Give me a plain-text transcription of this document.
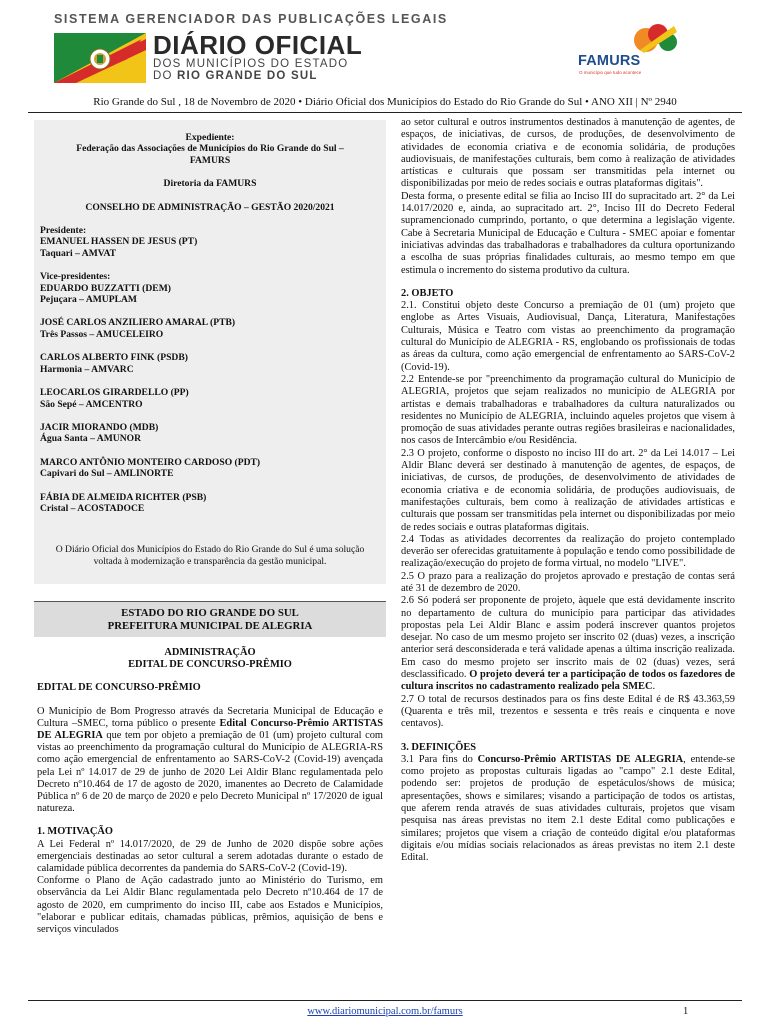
SISTEMA GERENCIADOR DAS PUBLICAÇÕES LEGAIS
DIÁRIO OFICIAL
DOS MUNICÍPIOS DO ESTADO
DO RIO GRANDE DO SUL
FAMURS
O município que tudo acontece
Rio Grande do Sul , 18 de Novembro de 2020 • Diário Oficial dos Municípios do Estado do Rio Grande do Sul • ANO XII | Nº 2940

Expediente:

Federação das Associações de Municípios do Rio Grande do Sul –

FAMURS

Diretoria da FAMURS

CONSELHO DE ADMINISTRAÇÃO – GESTÃO 2020/2021

Presidente:

EMANUEL HASSEN DE JESUS (PT)

Taquari – AMVAT

Vice-presidentes:

EDUARDO BUZZATTI (DEM)

Pejuçara – AMUPLAM

JOSÉ CARLOS ANZILIERO AMARAL (PTB)

Três Passos – AMUCELEIRO

CARLOS ALBERTO FINK (PSDB)

Harmonia – AMVARC

LEOCARLOS GIRARDELLO (PP)

São Sepé – AMCENTRO

JACIR MIORANDO (MDB)

Água Santa – AMUNOR

MARCO ANTÔNIO MONTEIRO CARDOSO (PDT)

Capivari do Sul – AMLINORTE

FÁBIA DE ALMEIDA RICHTER (PSB)

Cristal – ACOSTADOCE

O Diário Oficial dos Municípios do Estado do Rio Grande do Sul é uma solução voltada à modernização e transparência da gestão municipal.

ESTADO DO RIO GRANDE DO SUL
PREFEITURA MUNICIPAL DE ALEGRIA

ADMINISTRAÇÃO

EDITAL DE CONCURSO-PRÊMIO

EDITAL DE CONCURSO-PRÊMIO

O Município de Bom Progresso através da Secretaria Municipal de Educação e Cultura –SMEC, torna público o presente Edital Concurso-Prêmio ARTISTAS DE ALEGRIA que tem por objeto a premiação de 01 (um) projeto cultural com vistas ao preenchimento da programação cultural do Município de ALEGRIA-RS como ação emergencial de enfrentamento ao SARS-CoV-2 (Covid-19) avençada pela Lei nº 14.017 de 29 de junho de 2020 Lei Aldir Blanc regulamentada pelo Decreto nº10.464 de 17 de agosto de 2020, imanentes ao Decreto de Calamidade Pública nº 6 de 20 de março de 2020 e pelo Decreto Municipal nº 17/2020 de igual natureza.

1. MOTIVAÇÃO

A Lei Federal nº 14.017/2020, de 29 de Junho de 2020 dispõe sobre ações emergenciais destinadas ao setor cultural a serem adotadas durante o estado de calamidade pública decorrentes da pandemia do SARS-CoV-2 (Covid-19).

Conforme o Plano de Ação cadastrado junto ao Ministério do Turismo, em observância da Lei Aldir Blanc regulamentada pelo Decreto nº10.464 de 17 de agosto de 2020, em cumprimento do inciso III, cabe aos Estados e Municípios, "elaborar e publicar editais, chamadas públicas, prêmios, aquisição de bens e serviços vinculados

ao setor cultural e outros instrumentos destinados à manutenção de agentes, de espaços, de iniciativas, de cursos, de produções, de desenvolvimento de atividades de economia criativa e de economia solidária, de produções audiovisuais, de manifestações culturais, bem como à realização de atividades artísticas e culturais que possam ser transmitidas pela internet ou disponibilizadas por meio de redes sociais e outras plataformas digitais".

Desta forma, o presente edital se filia ao Inciso III do supracitado art. 2° da Lei 14.017/2020 e, ainda, ao supracitado art. 2°, Inciso III do Decreto Federal supramencionado cumprindo, portanto, o que determina a legislação vigente. Cabe à Secretaria Municipal de Educação e Cultura - SMEC apoiar e fomentar iniciativas advindas das trabalhadoras e trabalhadores da cultura oportunizando a escolha de suas próprias finalidades culturais, ao mesmo tempo em que estimula o incremento do sistema produtivo da cultura.

2. OBJETO

2.1. Constitui objeto deste Concurso a premiação de 01 (um) projeto que englobe as Artes Visuais, Audiovisual, Dança, Literatura, Manifestações Culturais, Música e Teatro com vistas ao preenchimento da programação cultural do Município de ALEGRIA - RS, englobando os profissionais de todas as áreas da cultura, como ação emergencial de enfrentamento ao SARS-CoV-2 (Covid-19).

2.2 Entende-se por "preenchimento da programação cultural do Município de ALEGRIA, projetos que sejam realizados no município de ALEGRIA por artistas e demais trabalhadoras e trabalhadores da cultura naturalizados ou residentes no Município de ALEGRIA, incluindo aqueles projetos que visem à promoção de suas atividades perante outras regiões brasileiras e nacionalidades, nos casos de Intercâmbio e/ou Residência.

2.3 O projeto, conforme o disposto no inciso III do art. 2° da Lei 14.017 – Lei Aldir Blanc deverá ser destinado à manutenção de agentes, de espaços, de iniciativas, de cursos, de produções, de desenvolvimento de atividades de economia criativa e de economia solidária, de produções audiovisuais, de manifestações culturais, bem como à realização de atividades artísticas e culturais que possam ser transmitidas pela internet ou disponibilizadas por meio de redes sociais e outras plataformas digitais.

2.4 Todas as atividades decorrentes da realização do projeto contemplado deverão ser oferecidas gratuitamente à população e tendo como possibilidade de realização/execução do projeto de forma virtual, no modelo "LIVE".

2.5 O prazo para a realização do projetos aprovado e prestação de contas será até 31 de dezembro de 2020.

2.6 Só poderá ser proponente de projeto, àquele que está devidamente inscrito no departamento de cultura do município para participar das atividades propostas pela Lei Aldir Blanc e assim poderá inscrever quantos projetos desejar. No caso de um mesmo projeto ser inscrito 02 (duas) vezes, a inscrição anterior será desconsiderada e terá validade apenas a última inscrição realizada. Em caso do mesmo projeto ser inscrito mais de 02 (duas) vezes, será desclassificado. O projeto deverá ter a participação de todos os fazedores de cultura inscritos no cadastramento realizado pela SMEC.

2.7 O total de recursos destinados para os fins deste Edital é de R$ 43.363,59 (Quarenta e três mil, trezentos e sessenta e três reais e cinquenta e nove centavos).

3. DEFINIÇÕES

3.1 Para fins do Concurso-Prêmio ARTISTAS DE ALEGRIA, entende-se como projeto as propostas culturais ligadas ao "campo" 2.1 deste Edital, podendo ser: projetos de produção de espetáculos/shows de música; apresentações, shows e similares; visando a participação de todos os artistas, que aferem renda através de suas atividades culturais, projetos que visam pesquisa nas áreas previstas no item 2.1 deste Edital como publicações e similares; projetos que visem a criação de conteúdo digital e/ou plataformas digitais e/ou mídias sociais relacionados as áreas previstas no item 2.1 deste Edital.

www.diariomunicipal.com.br/famurs	1
